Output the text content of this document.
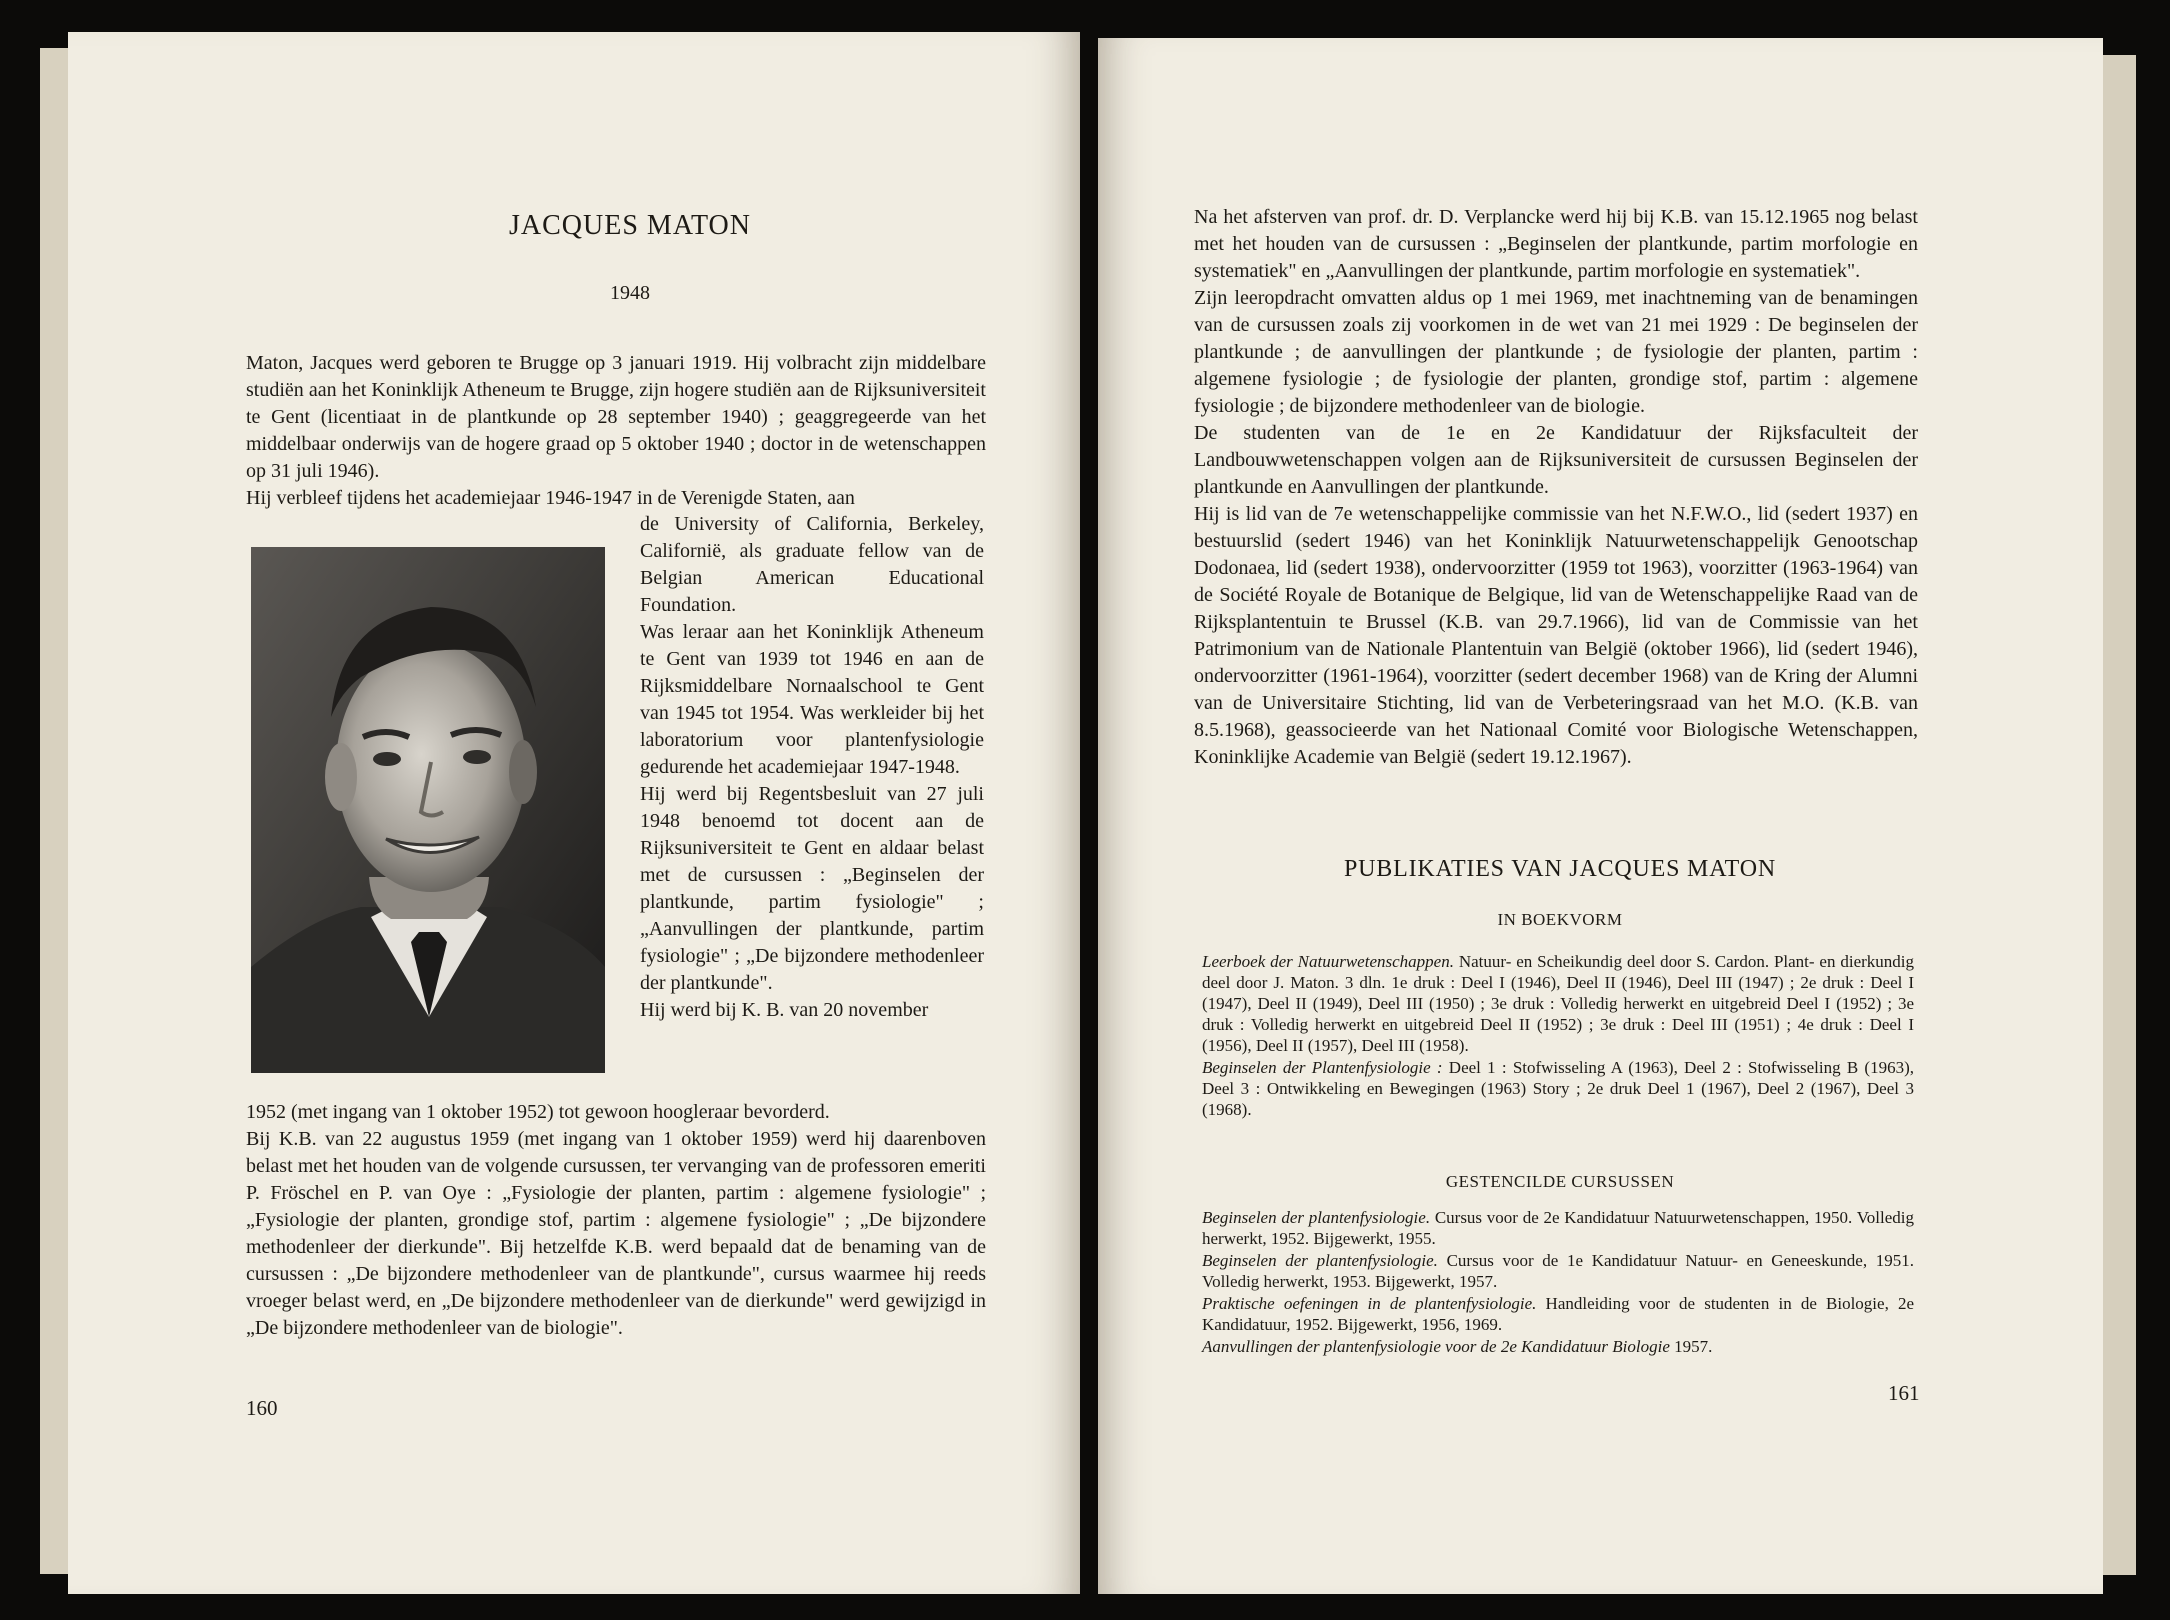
JACQUES MATON
1948

Maton, Jacques werd geboren te Brugge op 3 januari 1919. Hij volbracht zijn middelbare studiën aan het Koninklijk Atheneum te Brugge, zijn hogere studiën aan de Rijksuniversiteit te Gent (licentiaat in de plantkunde op 28 september 1940) ; geaggregeerde van het middelbaar onderwijs van de hogere graad op 5 oktober 1940 ; doctor in de wetenschappen op 31 juli 1946).

Hij verbleef tijdens het academiejaar 1946-1947 in de Verenigde Staten, aan

de University of California, Berkeley, Californië, als graduate fellow van de Belgian American Educational Foundation.

Was leraar aan het Koninklijk Atheneum te Gent van 1939 tot 1946 en aan de Rijksmiddelbare Nornaalschool te Gent van 1945 tot 1954. Was werkleider bij het laboratorium voor plantenfysiologie gedurende het academiejaar 1947-1948.

Hij werd bij Regentsbesluit van 27 juli 1948 benoemd tot docent aan de Rijksuniversiteit te Gent en aldaar belast met de cursussen : „Beginselen der plantkunde, partim fysiologie" ; „Aanvullingen der plantkunde, partim fysiologie" ; „De bijzondere methodenleer der plantkunde".

Hij werd bij K. B. van 20 november

1952 (met ingang van 1 oktober 1952) tot gewoon hoogleraar bevorderd.

Bij K.B. van 22 augustus 1959 (met ingang van 1 oktober 1959) werd hij daarenboven belast met het houden van de volgende cursussen, ter vervanging van de professoren emeriti P. Fröschel en P. van Oye : „Fysiologie der planten, partim : algemene fysiologie" ; „Fysiologie der planten, grondige stof, partim : algemene fysiologie" ; „De bijzondere methodenleer der dierkunde". Bij hetzelfde K.B. werd bepaald dat de benaming van de cursussen : „De bijzondere methodenleer van de plantkunde", cursus waarmee hij reeds vroeger belast werd, en „De bijzondere methodenleer van de dierkunde" werd gewijzigd in „De bijzondere methodenleer van de biologie".

160

Na het afsterven van prof. dr. D. Verplancke werd hij bij K.B. van 15.12.1965 nog belast met het houden van de cursussen : „Beginselen der plantkunde, partim morfologie en systematiek" en „Aanvullingen der plantkunde, partim morfologie en systematiek".

Zijn leeropdracht omvatten aldus op 1 mei 1969, met inachtneming van de benamingen van de cursussen zoals zij voorkomen in de wet van 21 mei 1929 : De beginselen der plantkunde ; de aanvullingen der plantkunde ; de fysiologie der planten, partim : algemene fysiologie ; de fysiologie der planten, grondige stof, partim : algemene fysiologie ; de bijzondere methodenleer van de biologie.

De studenten van de 1e en 2e Kandidatuur der Rijksfaculteit der Landbouwwetenschappen volgen aan de Rijksuniversiteit de cursussen Beginselen der plantkunde en Aanvullingen der plantkunde.

Hij is lid van de 7e wetenschappelijke commissie van het N.F.W.O., lid (sedert 1937) en bestuurslid (sedert 1946) van het Koninklijk Natuurwetenschappelijk Genootschap Dodonaea, lid (sedert 1938), ondervoorzitter (1959 tot 1963), voorzitter (1963-1964) van de Société Royale de Botanique de Belgique, lid van de Wetenschappelijke Raad van de Rijksplantentuin te Brussel (K.B. van 29.7.1966), lid van de Commissie van het Patrimonium van de Nationale Plantentuin van België (oktober 1966), lid (sedert 1946), ondervoorzitter (1961-1964), voorzitter (sedert december 1968) van de Kring der Alumni van de Universitaire Stichting, lid van de Verbeteringsraad van het M.O. (K.B. van 8.5.1968), geassocieerde van het Nationaal Comité voor Biologische Wetenschappen, Koninklijke Academie van België (sedert 19.12.1967).

PUBLIKATIES VAN JACQUES MATON
IN BOEKVORM

Leerboek der Natuurwetenschappen. Natuur- en Scheikundig deel door S. Cardon. Plant- en dierkundig deel door J. Maton. 3 dln. 1e druk : Deel I (1946), Deel II (1946), Deel III (1947) ; 2e druk : Deel I (1947), Deel II (1949), Deel III (1950) ; 3e druk : Volledig herwerkt en uitgebreid Deel I (1952) ; 3e druk : Volledig herwerkt en uitgebreid Deel II (1952) ; 3e druk : Deel III (1951) ; 4e druk : Deel I (1956), Deel II (1957), Deel III (1958).

Beginselen der Plantenfysiologie : Deel 1 : Stofwisseling A (1963), Deel 2 : Stofwisseling B (1963), Deel 3 : Ontwikkeling en Bewegingen (1963) Story ; 2e druk Deel 1 (1967), Deel 2 (1967), Deel 3 (1968).

GESTENCILDE CURSUSSEN

Beginselen der plantenfysiologie. Cursus voor de 2e Kandidatuur Natuurwetenschappen, 1950. Volledig herwerkt, 1952. Bijgewerkt, 1955.

Beginselen der plantenfysiologie. Cursus voor de 1e Kandidatuur Natuur- en Geneeskunde, 1951. Volledig herwerkt, 1953. Bijgewerkt, 1957.

Praktische oefeningen in de plantenfysiologie. Handleiding voor de studenten in de Biologie, 2e Kandidatuur, 1952. Bijgewerkt, 1956, 1969.

Aanvullingen der plantenfysiologie voor de 2e Kandidatuur Biologie 1957.

161
